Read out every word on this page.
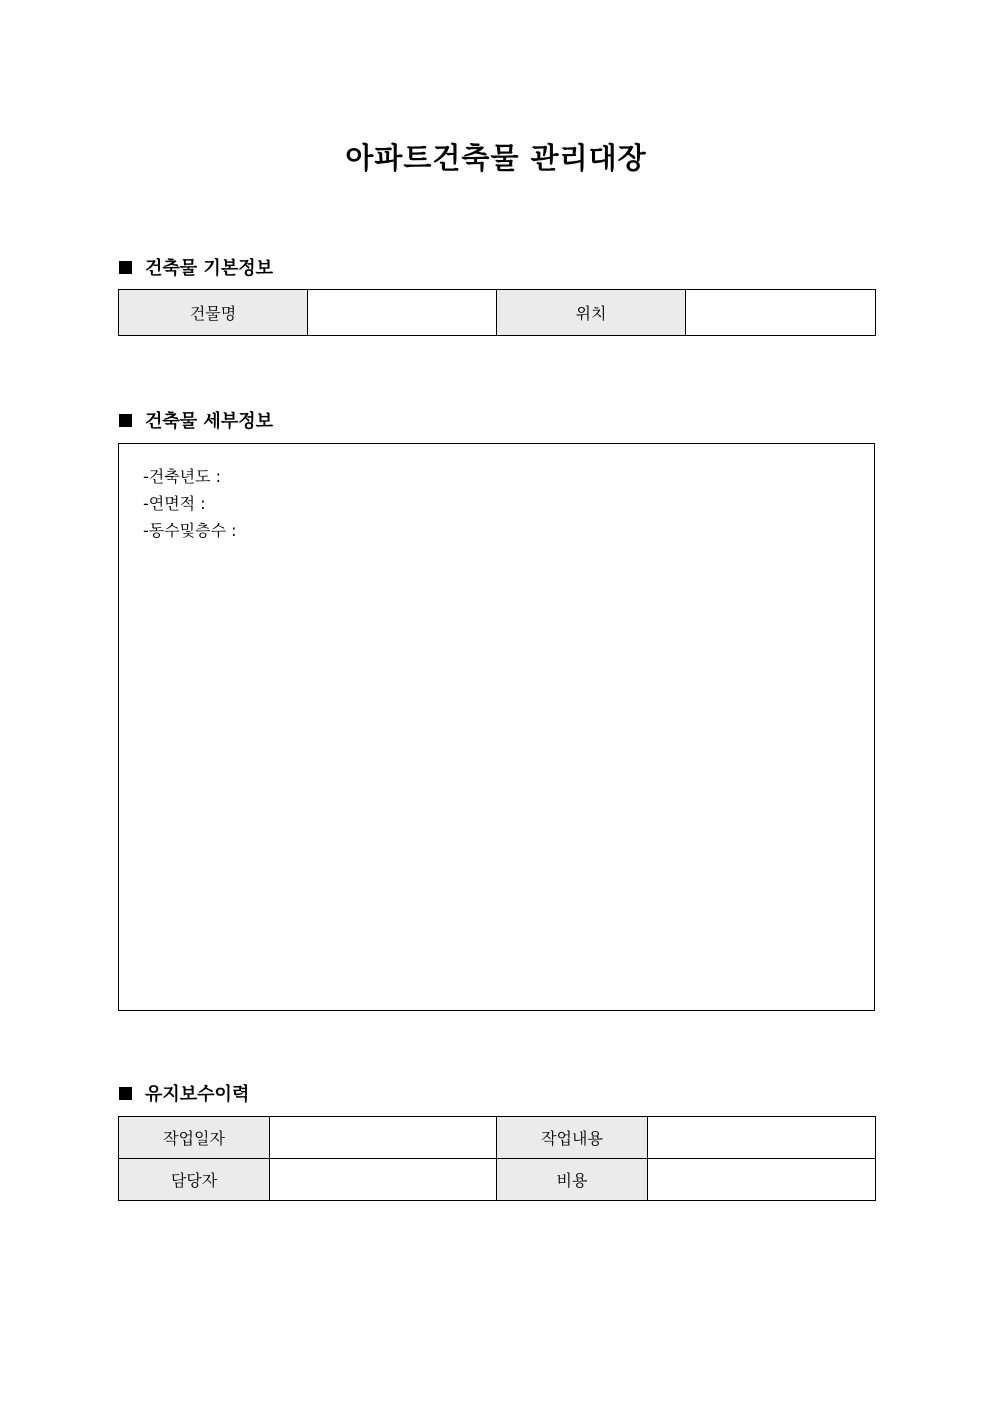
아파트건축물 관리대장
건축물 기본정보
건물명		위치	
건축물 세부정보
-건축년도 :
-연면적 :
-동수및층수 :
유지보수이력
작업일자		작업내용	
담당자		비용	
